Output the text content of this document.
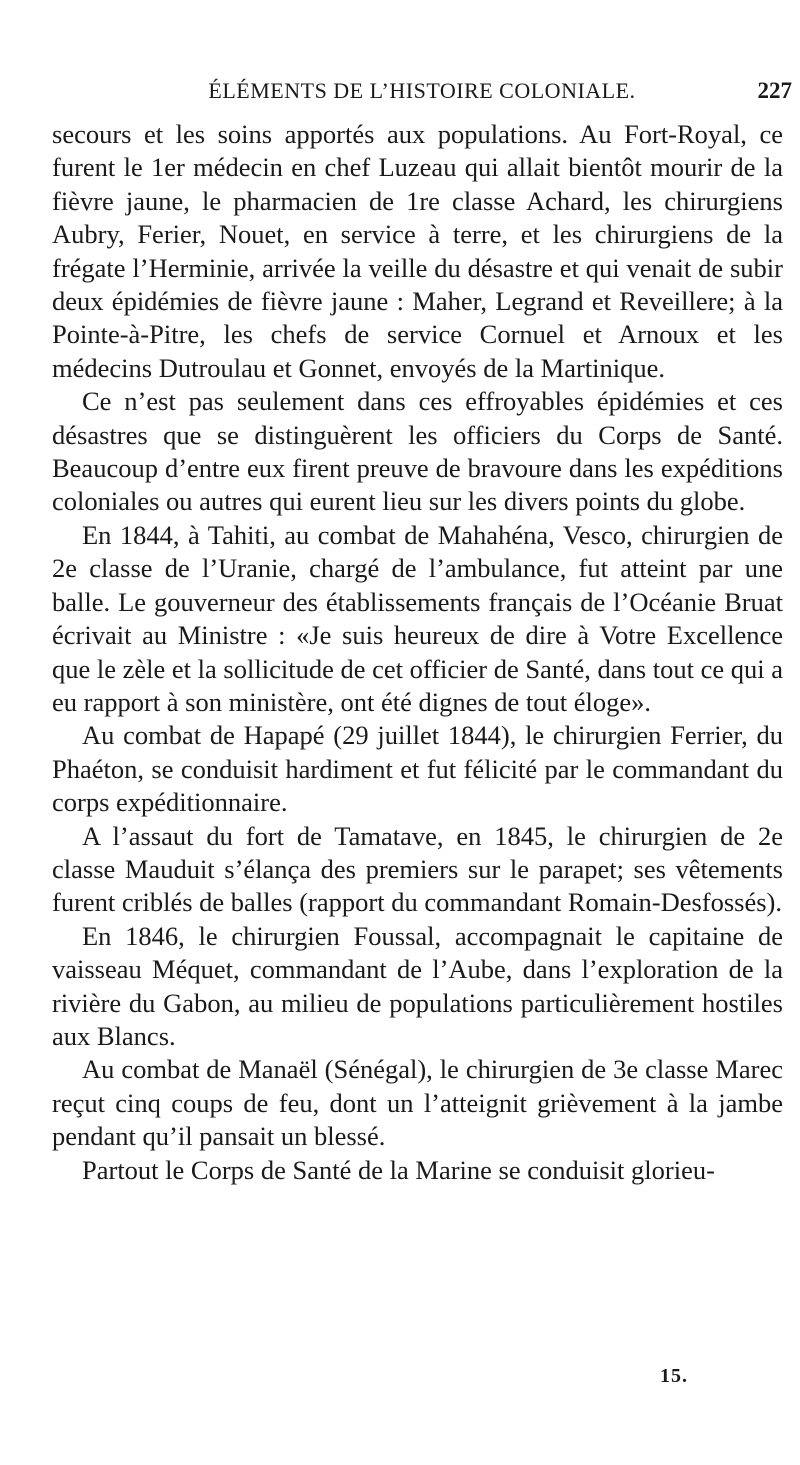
ÉLÉMENTS DE L’HISTOIRE COLONIALE.	227

secours et les soins apportés aux populations. Au Fort-Royal, ce furent le 1er médecin en chef Luzeau qui allait bientôt mourir de la fièvre jaune, le pharmacien de 1re classe Achard, les chirurgiens Aubry, Ferier, Nouet, en service à terre, et les chirurgiens de la frégate l’Herminie, arrivée la veille du désastre et qui venait de subir deux épidémies de fièvre jaune : Maher, Legrand et Reveillere; à la Pointe-à-Pitre, les chefs de service Cornuel et Arnoux et les médecins Dutroulau et Gonnet, envoyés de la Martinique.

Ce n’est pas seulement dans ces effroyables épidémies et ces désastres que se distinguèrent les officiers du Corps de Santé. Beaucoup d’entre eux firent preuve de bravoure dans les expéditions coloniales ou autres qui eurent lieu sur les divers points du globe.

En 1844, à Tahiti, au combat de Mahahéna, Vesco, chirurgien de 2e classe de l’Uranie, chargé de l’ambulance, fut atteint par une balle. Le gouverneur des établissements français de l’Océanie Bruat écrivait au Ministre : «Je suis heureux de dire à Votre Excellence que le zèle et la sollicitude de cet officier de Santé, dans tout ce qui a eu rapport à son ministère, ont été dignes de tout éloge».

Au combat de Hapapé (29 juillet 1844), le chirurgien Ferrier, du Phaéton, se conduisit hardiment et fut félicité par le commandant du corps expéditionnaire.

A l’assaut du fort de Tamatave, en 1845, le chirurgien de 2e classe Mauduit s’élança des premiers sur le parapet; ses vêtements furent criblés de balles (rapport du commandant Romain-Desfossés).

En 1846, le chirurgien Foussal, accompagnait le capitaine de vaisseau Méquet, commandant de l’Aube, dans l’exploration de la rivière du Gabon, au milieu de populations particulièrement hostiles aux Blancs.

Au combat de Manaël (Sénégal), le chirurgien de 3e classe Marec reçut cinq coups de feu, dont un l’atteignit grièvement à la jambe pendant qu’il pansait un blessé.

Partout le Corps de Santé de la Marine se conduisit glorieu-

15.
